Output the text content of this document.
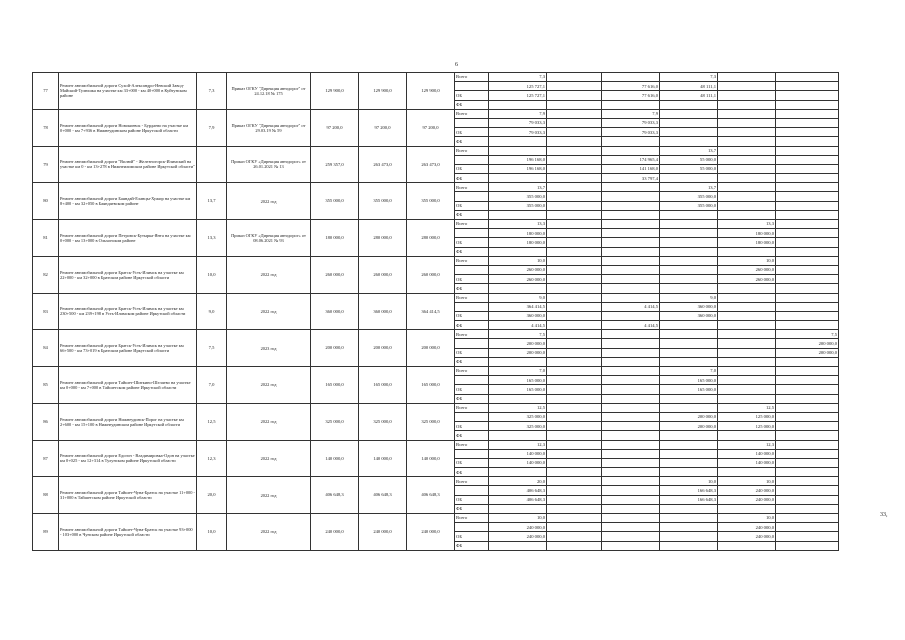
6
77	Ремонт автомобильной дороги Сухой-Александро-Невский Завод-Майский-Тулюшка на участке км 33+000 - км 40+000 в Куйтунском районе	7,3	Приказ ОГКУ "Дирекция автодорог" от 24.12.18 № 175	129 900,0	129 900,0	129 900,0	Всего	7,3			7,3		
								125 727,1		77 616,0	48 111,1		
							ОБ	125 727,1		77 616,0	48 111,1		
							ФБ						
78	Ремонт автомобильной дороги Новокиевск - Бурдаево на участке км 0+000 - км 7+936 в Нижнеудинском районе Иркутской области	7,9	Приказ ОГКУ "Дирекция автодорог" от 29.03.19 № 59	97 200,0	97 200,0	97 200,0	Всего	7,9		7,9			
								79 033,3		79 033,3			
							ОБ	79 033,3		79 033,3			
							ФБ						
79	Ремонт автомобильной дороги "Вилюй" - Железногорск-Илимский на участке км 0 - км 13+278 в Нижнеилимском районе Иркутской области"		Приказ ОГКУ «Дирекция автодорог» от 26.01.2021 № 13	259 357,0	263 473,0	263 473,0	Всего				13,7		
								196 168,0		174 965,4	55 000,0		
							ОБ	196 168,0		141 168,0	55 000,0		
							ФБ			33 797,4			
80	Ремонт автомобильной дороги Баяндай-Еланцы-Хужир на участке км 8+400 - км 32+050 в Баяндаевском районе	13,7	2022 год	355 000,0	355 000,0	355 000,0	Всего	13,7			13,7		
								355 000,0			355 000,0		
							ОБ	355 000,0			355 000,0		
							ФБ						
81	Ремонт автомобильной дороги Петровск-Бутырка-Янта на участке км 0+000 - км 13+000 в Ольхонском районе	13,3	Приказ ОГКУ «Дирекция автодорог» от 08.06.2021 № 93	180 000,0	280 000,0	280 000,0	Всего	13,3				13,3	
								180 000,0				180 000,0	
							ОБ	180 000,0				180 000,0	
							ФБ						
82	Ремонт автомобильной дороги Братск-Усть-Илимск на участке км 22+000 - км 32+000 в Братском районе Иркутской области	10,0	2022 год	260 000,0	260 000,0	260 000,0	Всего	10,0				10,0	
								260 000,0				260 000,0	
							ОБ	260 000,0				260 000,0	
							ФБ						
83	Ремонт автомобильной дороги Братск-Усть-Илимск на участке км 230+500 - км 239+198 в Усть-Илимском районе Иркутской области	9,0	2022 год	360 000,0	360 000,0	364 414,5	Всего	9,0			9,0		
								364 414,5		4 414,5	360 000,0		
							ОБ	360 000,0			360 000,0		
							ФБ	4 414,5		4 414,5			
84	Ремонт автомобильной дороги Братск-Усть-Илимск на участке км 66+500 - км 73+019 в Братском районе Иркутской области	7,5	2023 год	200 000,0	200 000,0	200 000,0	Всего	7,5					7,5
								200 000,0					200 000,0
							ОБ	200 000,0					200 000,0
							ФБ						
85	Ремонт автомобильной дороги Тайшет-Шиткино-Шелаево на участке км 0+000 - км 7+000 в Тайшетском районе Иркутской области	7,0	2022 год	165 000,0	165 000,0	165 000,0	Всего	7,0			7,0		
								165 000,0			165 000,0		
							ОБ	165 000,0			165 000,0		
							ФБ						
86	Ремонт автомобильной дороги Нижнеудинск-Порог на участке км 2+600 - км 15+100 в Нижнеудинском районе Иркутской области	12,5	2022 год	325 000,0	325 000,0	325 000,0	Всего	12,5				12,5	
								325 000,0			200 000,0	125 000,0	
							ОБ	325 000,0			200 000,0	125 000,0	
							ФБ						
87	Ремонт автомобильной дороги Едогон - Владимировка-Одон на участке км 0+025 - км 12+314 в Тулунском районе Иркутской области	12,3	2022 год	140 000,0	140 000,0	140 000,0	Всего	12,3				12,3	
								140 000,0				140 000,0	
							ОБ	140 000,0				140 000,0	
							ФБ						
88	Ремонт автомобильной дороги Тайшет-Чуна-Братск на участке 11+000 - 31+000 в Тайшетском районе Иркутской области	20,0	2022 год	406 648,3	406 648,3	406 648,3	Всего	20,0			10,0	10,0	
								406 648,3			166 648,3	240 000,0	
							ОБ	406 648,3			166 648,3	240 000,0	
							ФБ						
89	Ремонт автомобильной дороги Тайшет-Чуна-Братск на участке 93+000 - 103+000 в Чунском районе Иркутской области	10,0	2022 год	240 000,0	240 000,0	240 000,0	Всего	10,0				10,0	
								240 000,0				240 000,0	
							ОБ	240 000,0				240 000,0	
							ФБ						
33,
